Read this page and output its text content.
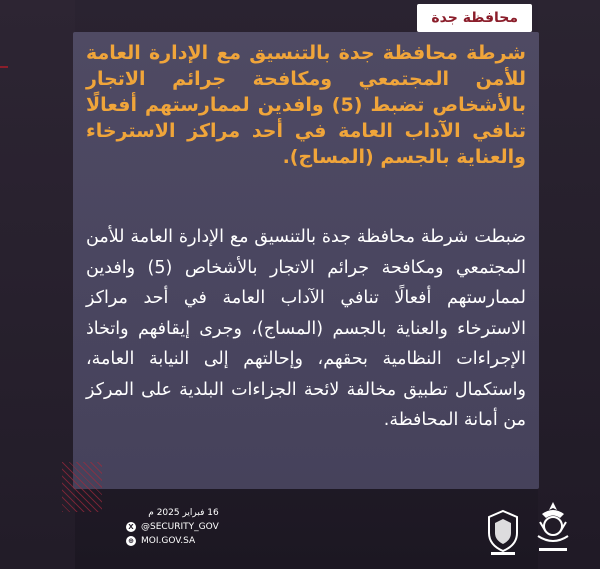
محافظة جدة
شرطة محافظة جدة بالتنسيق مع الإدارة العامة للأمن المجتمعي ومكافحة جرائم الاتجار بالأشخاص تضبط (5) وافدين لممارستهم أفعالًا تنافي الآداب العامة في أحد مراكز الاسترخاء والعناية بالجسم (المساج).
ضبطت شرطة محافظة جدة بالتنسيق مع الإدارة العامة للأمن المجتمعي ومكافحة جرائم الاتجار بالأشخاص (5) وافدين لممارستهم أفعالًا تنافي الآداب العامة في أحد مراكز الاسترخاء والعناية بالجسم (المساج)، وجرى إيقافهم واتخاذ الإجراءات النظامية بحقهم، وإحالتهم إلى النيابة العامة، واستكمال تطبيق مخالفة لائحة الجزاءات البلدية على المركز من أمانة المحافظة.
16 فبراير 2025 م
X @SECURITY_GOV
⊕ MOI.GOV.SA
